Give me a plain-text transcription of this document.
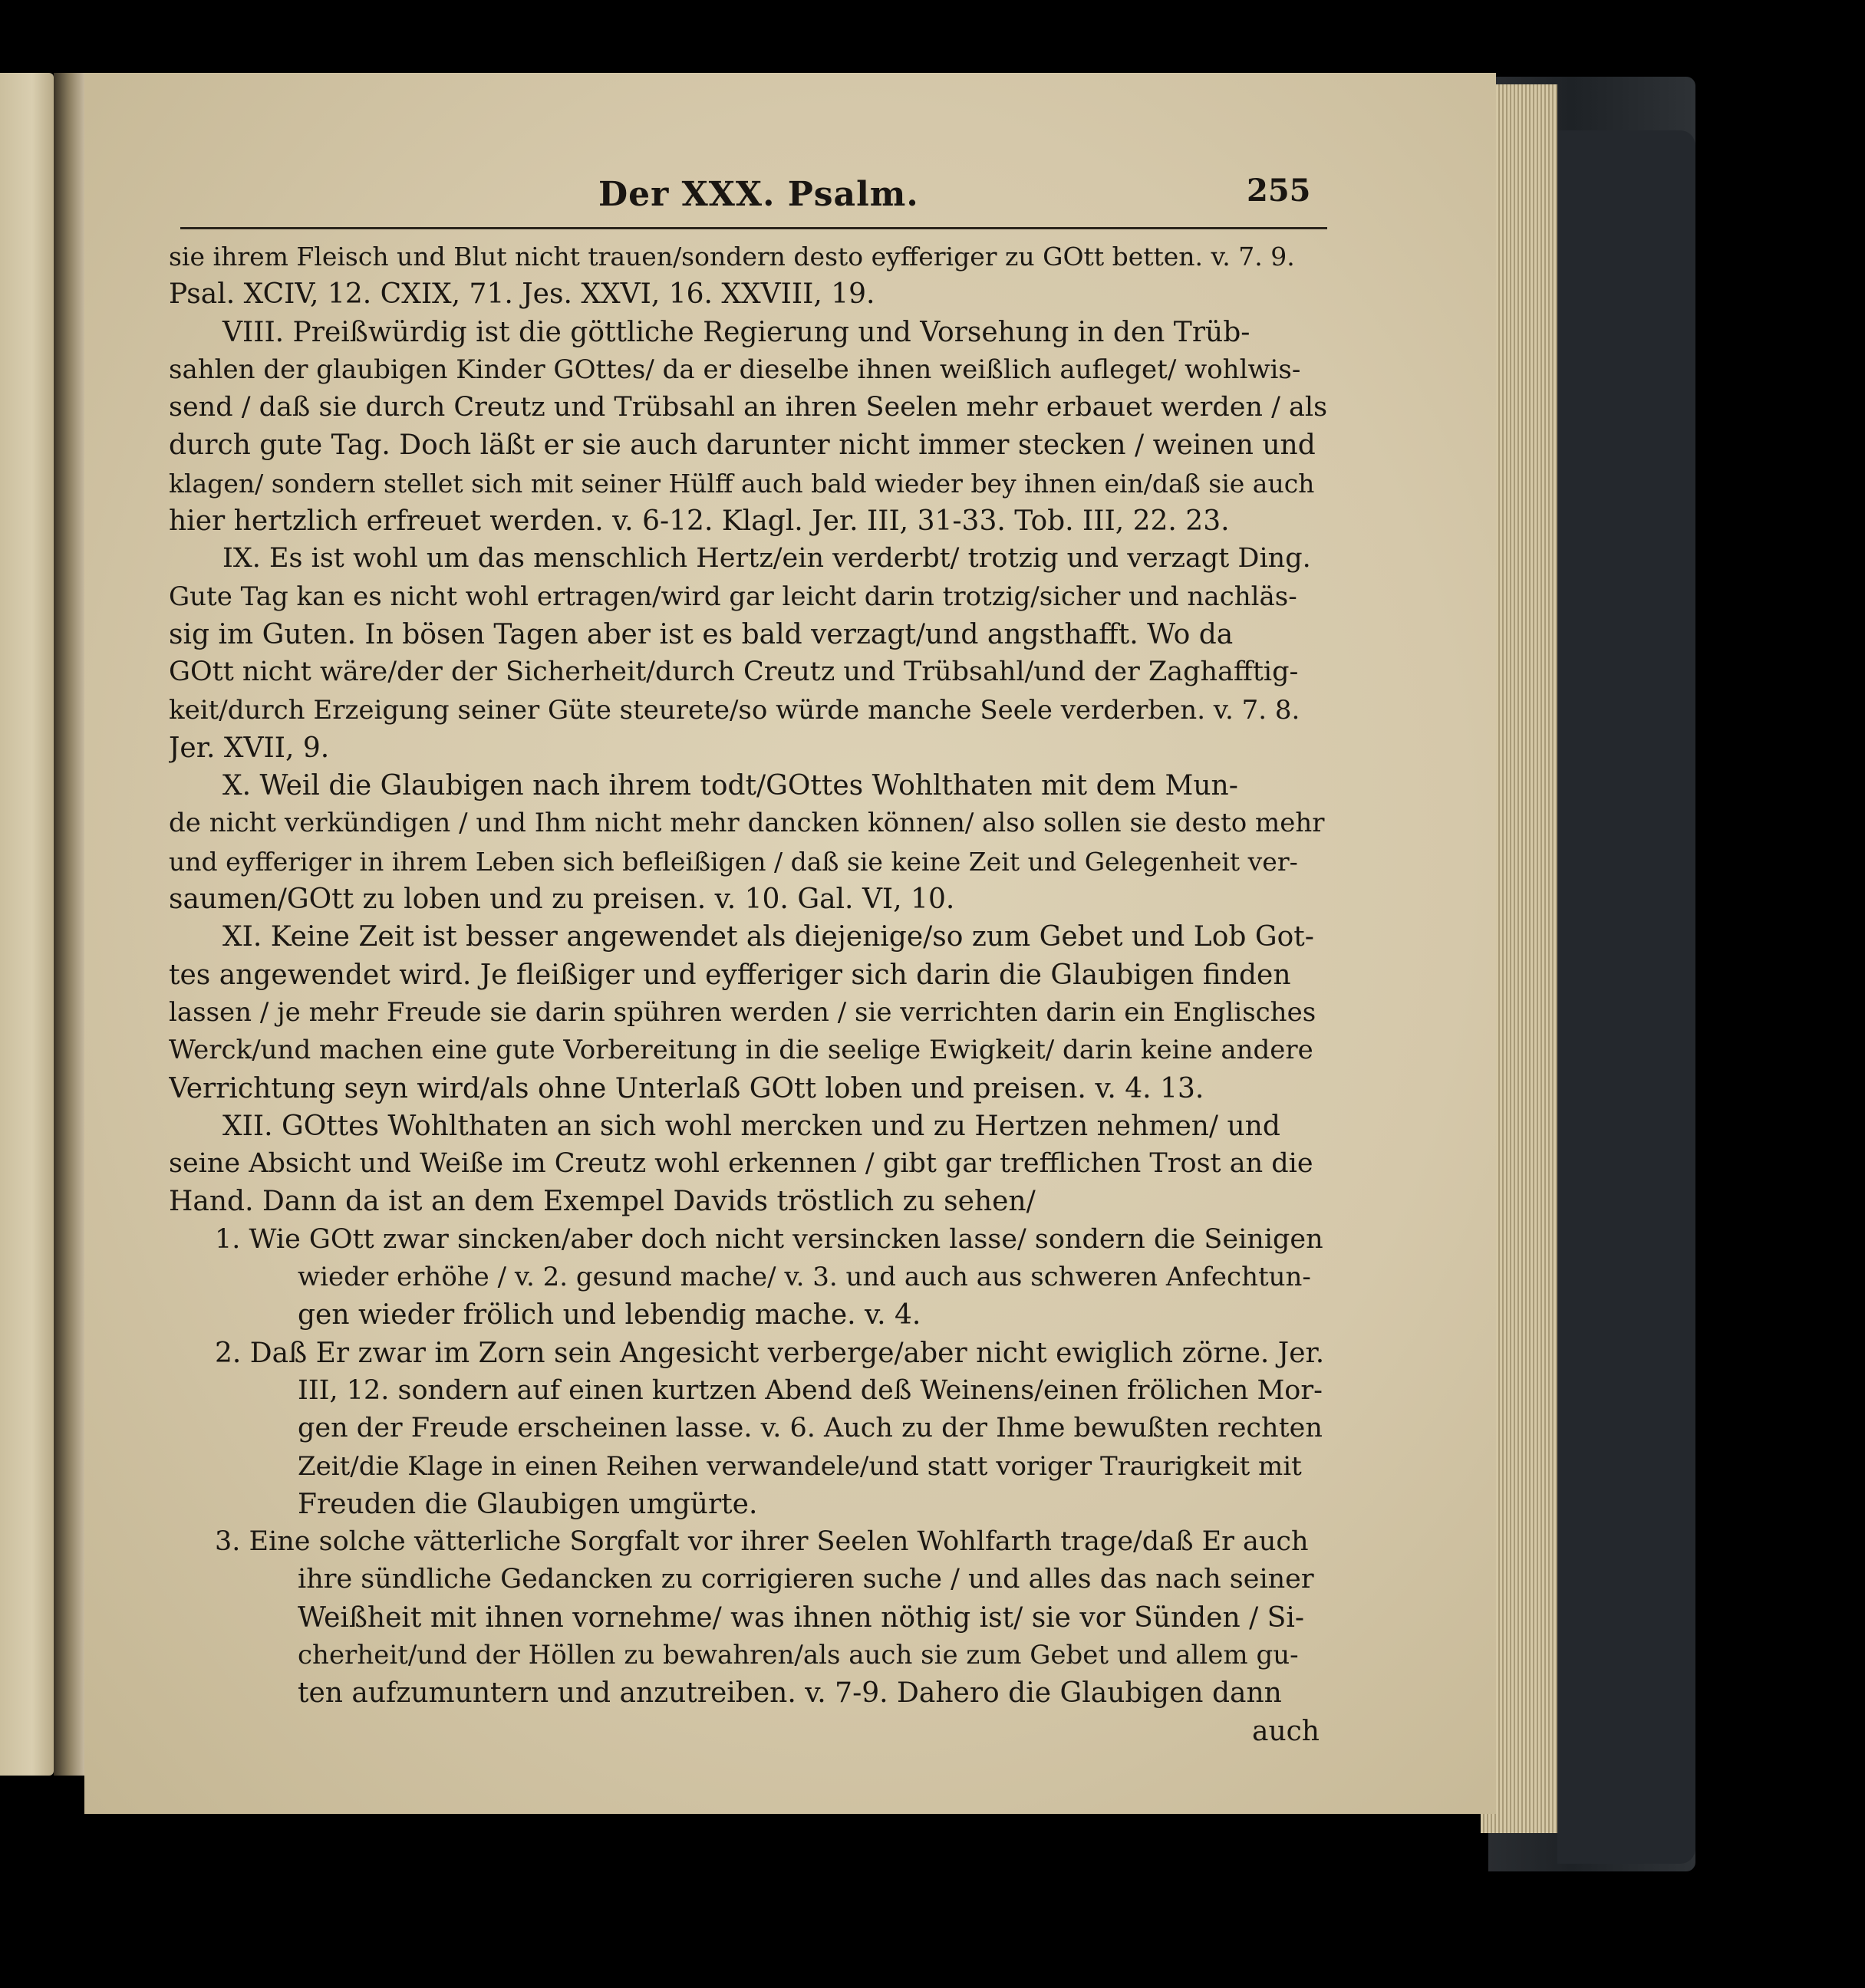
Der XXX. Psalm.	255
sie ihrem Fleisch und Blut nicht trauen/sondern desto eyfferiger zu GOtt betten. v. 7. 9.
Psal. XCIV, 12. CXIX, 71. Jes. XXVI, 16. XXVIII, 19.
VIII. Preißwürdig ist die göttliche Regierung und Vorsehung in den Trüb-
sahlen der glaubigen Kinder GOttes/ da er dieselbe ihnen weißlich aufleget/ wohlwis-
send / daß sie durch Creutz und Trübsahl an ihren Seelen mehr erbauet werden / als
durch gute Tag. Doch läßt er sie auch darunter nicht immer stecken / weinen und
klagen/ sondern stellet sich mit seiner Hülff auch bald wieder bey ihnen ein/daß sie auch
hier hertzlich erfreuet werden. v. 6-12. Klagl. Jer. III, 31-33. Tob. III, 22. 23.
IX. Es ist wohl um das menschlich Hertz/ein verderbt/ trotzig und verzagt Ding.
Gute Tag kan es nicht wohl ertragen/wird gar leicht darin trotzig/sicher und nachläs-
sig im Guten. In bösen Tagen aber ist es bald verzagt/und angsthafft. Wo da
GOtt nicht wäre/der der Sicherheit/durch Creutz und Trübsahl/und der Zaghafftig-
keit/durch Erzeigung seiner Güte steurete/so würde manche Seele verderben. v. 7. 8.
Jer. XVII, 9.
X. Weil die Glaubigen nach ihrem todt/GOttes Wohlthaten mit dem Mun-
de nicht verkündigen / und Ihm nicht mehr dancken können/ also sollen sie desto mehr
und eyfferiger in ihrem Leben sich befleißigen / daß sie keine Zeit und Gelegenheit ver-
saumen/GOtt zu loben und zu preisen. v. 10. Gal. VI, 10.
XI. Keine Zeit ist besser angewendet als diejenige/so zum Gebet und Lob Got-
tes angewendet wird. Je fleißiger und eyfferiger sich darin die Glaubigen finden
lassen / je mehr Freude sie darin spühren werden / sie verrichten darin ein Englisches
Werck/und machen eine gute Vorbereitung in die seelige Ewigkeit/ darin keine andere
Verrichtung seyn wird/als ohne Unterlaß GOtt loben und preisen. v. 4. 13.
XII. GOttes Wohlthaten an sich wohl mercken und zu Hertzen nehmen/ und
seine Absicht und Weiße im Creutz wohl erkennen / gibt gar trefflichen Trost an die
Hand. Dann da ist an dem Exempel Davids tröstlich zu sehen/
1. Wie GOtt zwar sincken/aber doch nicht versincken lasse/ sondern die Seinigen
wieder erhöhe / v. 2. gesund mache/ v. 3. und auch aus schweren Anfechtun-
gen wieder frölich und lebendig mache. v. 4.
2. Daß Er zwar im Zorn sein Angesicht verberge/aber nicht ewiglich zörne. Jer.
III, 12. sondern auf einen kurtzen Abend deß Weinens/einen frölichen Mor-
gen der Freude erscheinen lasse. v. 6. Auch zu der Ihme bewußten rechten
Zeit/die Klage in einen Reihen verwandele/und statt voriger Traurigkeit mit
Freuden die Glaubigen umgürte.
3. Eine solche vätterliche Sorgfalt vor ihrer Seelen Wohlfarth trage/daß Er auch
ihre sündliche Gedancken zu corrigieren suche / und alles das nach seiner
Weißheit mit ihnen vornehme/ was ihnen nöthig ist/ sie vor Sünden / Si-
cherheit/und der Höllen zu bewahren/als auch sie zum Gebet und allem gu-
ten aufzumuntern und anzutreiben. v. 7-9. Dahero die Glaubigen dann
auch
